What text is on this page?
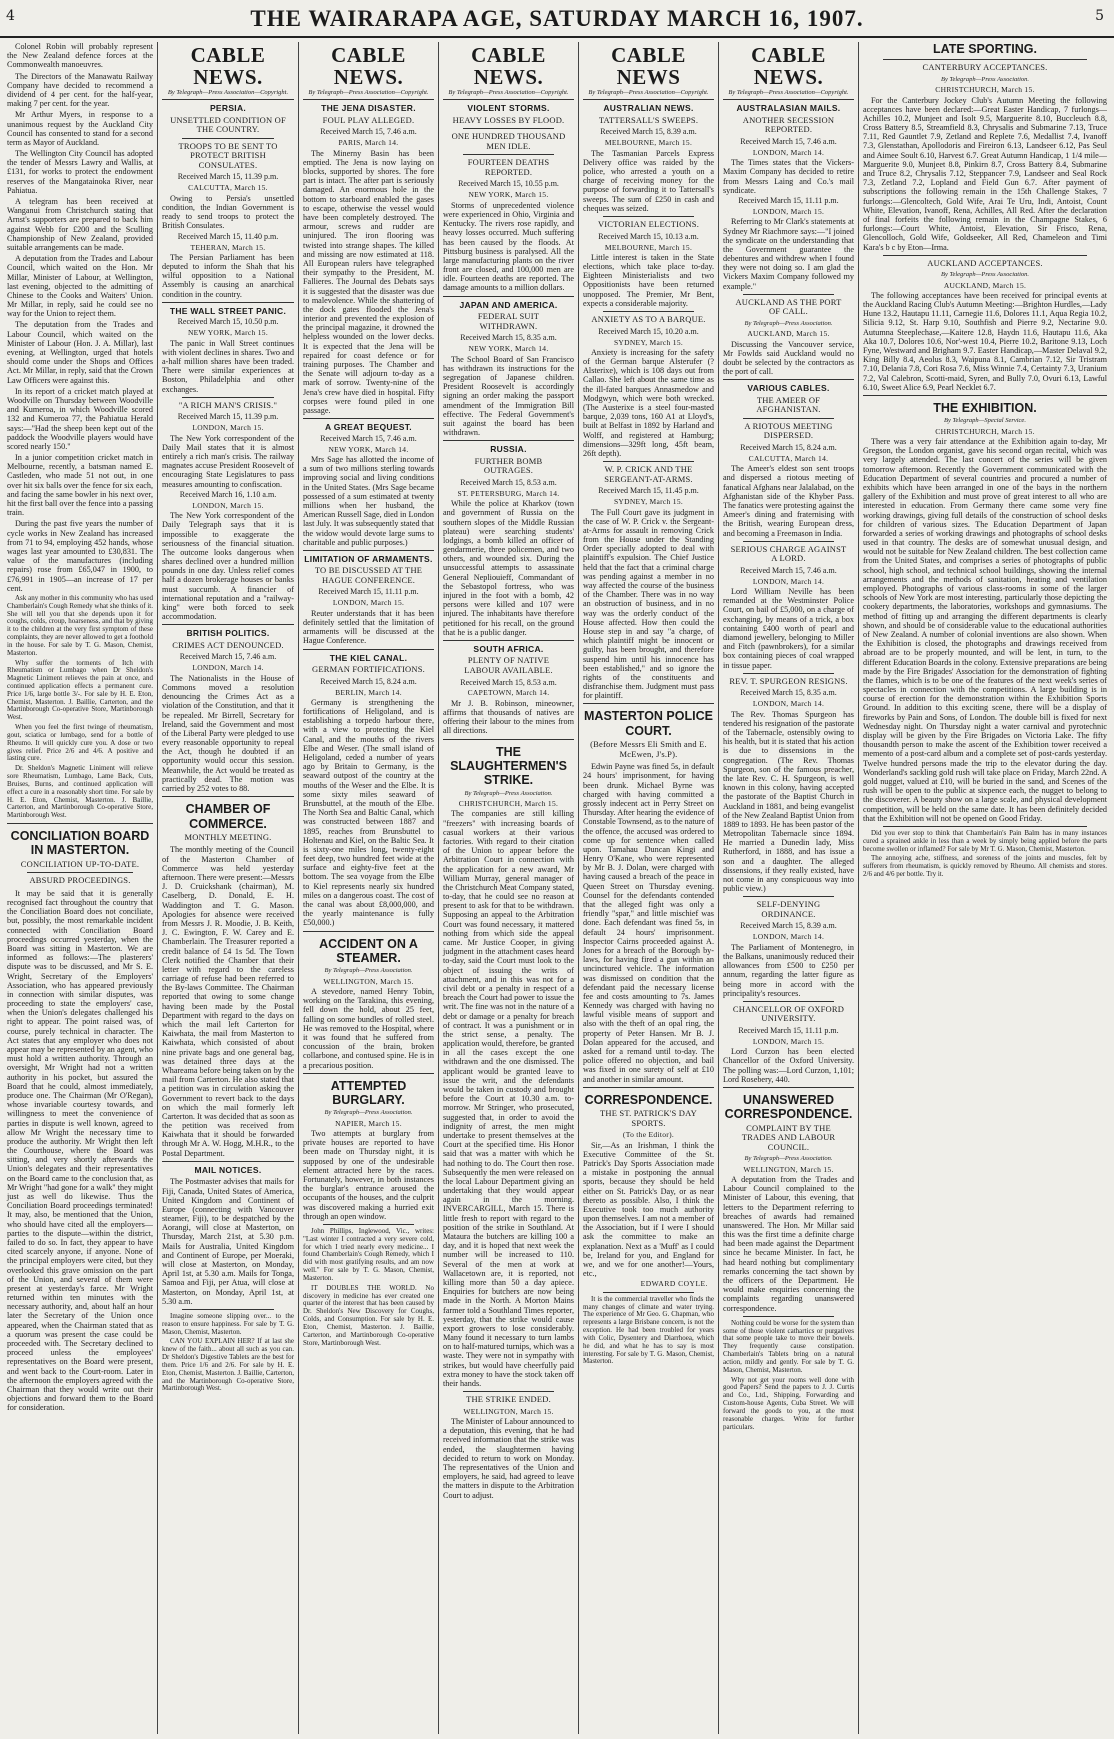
4	THE WAIRARAPA AGE, SATURDAY MARCH 16, 1907.	5

Colonel Robin will probably represent the New Zealand defence forces at the Commonwealth manoeuvres.

The Directors of the Manawatu Railway Company have decided to recommend a dividend of 4 per cent. for the half-year, making 7 per cent. for the year.

Mr Arthur Myers, in response to a unanimous request by the Auckland City Council has consented to stand for a second term as Mayor of Auckland.

The Wellington City Council has adopted the tender of Messrs Lawry and Wallis, at £131, for works to protect the endowment reserves of the Mangatainoka River, near Pahiatua.

A telegram has been received at Wanganui from Christchurch stating that Arnst's supporters are prepared to back him against Webb for £200 and the Sculling Championship of New Zealand, provided suitable arrangements can be made.

A deputation from the Trades and Labour Council, which waited on the Hon. Mr Millar, Minister of Labour, at Wellington, last evening, objected to the admitting of Chinese to the Cooks and Waiters' Union. Mr Millar, in reply, said he could see no way for the Union to reject them.

The deputation from the Trades and Labour Council, which waited on the Minister of Labour (Hon. J. A. Millar), last evening, at Wellington, urged that hotels should come under the Shops and Offices Act. Mr Millar, in reply, said that the Crown Law Officers were against this.

In its report of a cricket match played at Woodville on Thursday between Woodville and Kumeroa, in which Woodville scored 132 and Kumeroa 77, the Pahiatua Herald says:—"Had the sheep been kept out of the paddock the Woodville players would have scored nearly 150."

In a junior competition cricket match in Melbourne, recently, a batsman named E. Castleden, who made 51 not out, in one over hit six balls over the fence for six each, and facing the same bowler in his next over, hit the first ball over the fence into a passing train.

During the past five years the number of cycle works in New Zealand has increased from 71 to 94, employing 452 hands, whose wages last year amounted to £30,831. The value of the manufactures (including repairs) rose from £65,047 in 1900, to £76,991 in 1905—an increase of 17 per cent.

Ask any mother in this community who has used Chamberlain's Cough Remedy what she thinks of it. She will tell you that she depends upon it for coughs, colds, croup, hoarseness, and that by giving it to the children at the very first symptom of these complaints, they are never allowed to get a foothold in the house. For sale by T. G. Mason, Chemist, Masterton.

Why suffer the torments of Itch with Rheumatism or Lumbago when Dr Sheldon's Magnetic Liniment relieves the pain at once, and continued application effects a permanent cure. Price 1/6, large bottle 3/-. For sale by H. E. Eton, Chemist, Masterton. J. Baillie, Carterton, and the Martinborough Co-operative Store, Martinborough West.

When you feel the first twinge of rheumatism, gout, sciatica or lumbago, send for a bottle of Rheumo. It will quickly cure you. A dose or two gives relief. Price 2/6 and 4/6. A positive and lasting cure.

Dr. Sheldon's Magnetic Liniment will relieve sore Rheumatism, Lumbago, Lame Back, Cuts, Bruises, Burns, and continued application will effect a cure in a reasonably short time. For sale by H. E. Eton, Chemist, Masterton. J. Baillie, Carterton, and Martinborough Co-operative Store, Martinborough West.

CONCILIATION BOARD IN MASTERTON.
CONCILIATION UP-TO-DATE.
ABSURD PROCEEDINGS.

It may be said that it is generally recognised fact throughout the country that the Conciliation Board does not conciliate, but, possibly, the most remarkable incident connected with Conciliation Board proceedings occurred yesterday, when the Board was sitting in Masterton. We are informed as follows:—The plasterers' dispute was to be discussed, and Mr S. E. Wright, Secretary of the Employers' Association, who has appeared previously in connection with similar disputes, was proceeding to state the employers' case, when the Union's delegates challenged his right to appear. The point raised was, of course, purely technical in character. The Act states that any employer who does not appear may be represented by an agent, who must hold a written authority. Through an oversight, Mr Wright had not a written authority in his pocket, but assured the Board that he could, almost immediately, produce one. The Chairman (Mr O'Regan), whose invariable courtesy towards, and willingness to meet the convenience of parties in dispute is well known, agreed to allow Mr Wright the necessary time to produce the authority. Mr Wright then left the Courthouse, where the Board was sitting, and very shortly afterwards the Union's delegates and their representatives on the Board came to the conclusion that, as Mr Wright "had gone for a walk" they might just as well do likewise. Thus the Conciliation Board proceedings terminated! It may, also, be mentioned that the Union, who should have cited all the employers—parties to the dispute—within the district, failed to do so. In fact, they appear to have cited scarcely anyone, if anyone. None of the principal employers were cited, but they overlooked this grave omission on the part of the Union, and several of them were present at yesterday's farce. Mr Wright returned within ten minutes with the necessary authority, and, about half an hour later the Secretary of the Union once appeared, when the Chairman stated that as a quorum was present the case could be proceeded with. The Secretary declined to proceed unless the employees' representatives on the Board were present, and went back to the Court-room. Later in the afternoon the employers agreed with the Chairman that they would write out their objections and forward them to the Board for consideration.

CABLE NEWS.
By Telegraph—Press Association—Copyright.
PERSIA.
UNSETTLED CONDITION OF THE COUNTRY.
TROOPS TO BE SENT TO PROTECT BRITISH CONSULATES.
Received March 15, 11.39 p.m.
CALCUTTA, March 15.

Owing to Persia's unsettled condition, the Indian Government is ready to send troops to protect the British Consulates.

Received March 15, 11.40 p.m.
TEHERAN, March 15.

The Persian Parliament has been deputed to inform the Shah that his wilful opposition to a National Assembly is causing an anarchical condition in the country.

THE WALL STREET PANIC.
Received March 15, 10.50 p.m.
NEW YORK, March 15.

The panic in Wall Street continues with violent declines in shares. Two and a-half million shares have been traded. There were similar experiences at Boston, Philadelphia and other exchanges.

"A RICH MAN'S CRISIS."
Received March 15, 11.39 p.m.
LONDON, March 15.

The New York correspondent of the Daily Mail states that it is almost entirely a rich man's crisis. The railway magnates accuse President Roosevelt of encouraging State Legislatures to pass measures amounting to confiscation.

Received March 16, 1.10 a.m.
LONDON, March 15.

The New York correspondent of the Daily Telegraph says that it is impossible to exaggerate the seriousness of the financial situation. The outcome looks dangerous when shares declined over a hundred million pounds in one day. Unless relief comes half a dozen brokerage houses or banks must succumb. A financier of international reputation and a "railway-king" were both forced to seek accommodation.

BRITISH POLITICS.
CRIMES ACT DENOUNCED.
Received March 15, 7.46 a.m.
LONDON, March 14.

The Nationalists in the House of Commons moved a resolution denouncing the Crimes Act as a violation of the Constitution, and that it be repealed. Mr Birrell, Secretary for Ireland, said the Government and most of the Liberal Party were pledged to use every reasonable opportunity to repeal the Act, though he doubted if an opportunity would occur this session. Meanwhile, the Act would be treated as practically dead. The motion was carried by 252 votes to 88.

CHAMBER OF COMMERCE.
MONTHLY MEETING.

The monthly meeting of the Council of the Masterton Chamber of Commerce was held yesterday afternoon. There were present:—Messrs J. D. Cruickshank (chairman), M. Caselberg, D. Donald, E. H. Waddington and T. G. Mason. Apologies for absence were received from Messrs J. R. Moodie, J. B. Keith, J. C. Ewington, F. W. Carey and E. Chamberlain. The Treasurer reported a credit balance of £4 1s 5d. The Town Clerk notified the Chamber that their letter with regard to the careless carriage of refuse had been referred to the By-laws Committee. The Chairman reported that owing to some change having been made by the Postal Department with regard to the days on which the mail left Carterton for Kaiwhata, the mail from Masterton to Kaiwhata, which consisted of about nine private bags and one general bag, was detained three days at the Whareama before being taken on by the mail from Carterton. He also stated that a petition was in circulation asking the Government to revert back to the days on which the mail formerly left Carterton. It was decided that as soon as the petition was received from Kaiwhata that it should be forwarded through Mr A. W. Hogg, M.H.R., to the Postal Department.

MAIL NOTICES.

The Postmaster advises that mails for Fiji, Canada, United States of America, United Kingdom and Continent of Europe (connecting with Vancouver steamer, Fiji), to be despatched by the Aorangi, will close at Masterton, on Thursday, March 21st, at 5.30 p.m. Mails for Australia, United Kingdom and Continent of Europe, per Moeraki, will close at Masterton, on Monday, April 1st, at 5.30 a.m. Mails for Tonga, Samoa and Fiji, per Atua, will close at Masterton, on Monday, April 1st, at 5.30 a.m.

Imagine someone slipping over... to the reason to ensure happiness. For sale by T. G. Mason, Chemist, Masterton.

CAN YOU EXPLAIN HER? If at last she knew of the faith... about all such as you can. Dr Sheldon's Digestive Tablets are the best for them. Price 1/6 and 2/6. For sale by H. E. Eton, Chemist, Masterton. J. Baillie, Carterton, and the Martinborough Co-operative Store, Martinborough West.

CABLE NEWS.
By Telegraph—Press Association—Copyright.
THE JENA DISASTER.
FOUL PLAY ALLEGED.
Received March 15, 7.46 a.m.
PARIS, March 14.

The Minerny Basin has been emptied. The Jena is now laying on blocks, supported by shores. The fore part is intact. The after part is seriously damaged. An enormous hole in the bottom to starboard enabled the gases to escape, otherwise the vessel would have been completely destroyed. The armour, screws and rudder are uninjured. The iron flooring was twisted into strange shapes. The killed and missing are now estimated at 118. All European rulers have telegraphed their sympathy to the President, M. Fallieres. The Journal des Debats says it is suggested that the disaster was due to malevolence. While the shattering of the dock gates flooded the Jena's interior and prevented the explosion of the principal magazine, it drowned the helpless wounded on the lower decks. It is expected that the Jena will be repaired for coast defence or for training purposes. The Chamber and the Senate will adjourn to-day as a mark of sorrow. Twenty-nine of the Jena's crew have died in hospital. Fifty corpses were found piled in one passage.

A GREAT BEQUEST.
Received March 15, 7.46 a.m.
NEW YORK, March 14.

Mrs Sage has allotted the income of a sum of two millions sterling towards improving social and living conditions in the United States. (Mrs Sage became possessed of a sum estimated at twenty millions when her husband, the American Russell Sage, died in London last July. It was subsequently stated that the widow would devote large sums to charitable and public purposes.)

LIMITATION OF ARMAMENTS.
TO BE DISCUSSED AT THE HAGUE CONFERENCE.
Received March 15, 11.11 p.m.
LONDON, March 15.

Reuter understands that it has been definitely settled that the limitation of armaments will be discussed at the Hague Conference.

THE KIEL CANAL.
GERMAN FORTIFICATIONS.
Received March 15, 8.24 a.m.
BERLIN, March 14.

Germany is strengthening the fortifications of Heligoland, and is establishing a torpedo harbour there, with a view to protecting the Kiel Canal, and the mouths of the rivers Elbe and Weser. (The small island of Heligoland, ceded a number of years ago by Britain to Germany, is the seaward outpost of the country at the mouths of the Weser and the Elbe. It is some sixty miles seaward of Brunsbuttel, at the mouth of the Elbe. The North Sea and Baltic Canal, which was constructed between 1887 and 1895, reaches from Brunsbuttel to Holtenau and Kiel, on the Baltic Sea. It is sixty-one miles long, twenty-eight feet deep, two hundred feet wide at the surface and eighty-five feet at the bottom. The sea voyage from the Elbe to Kiel represents nearly six hundred miles on a dangerous coast. The cost of the canal was about £8,000,000, and the yearly maintenance is fully £50,000.)

ACCIDENT ON A STEAMER.
By Telegraph—Press Association.
WELLINGTON, March 15.

A stevedore, named Henry Tobin, working on the Tarakina, this evening, fell down the hold, about 25 feet, falling on some bundles of rolled steel. He was removed to the Hospital, where it was found that he suffered from concussion of the brain, broken collarbone, and contused spine. He is in a precarious position.

ATTEMPTED BURGLARY.
By Telegraph—Press Association.
NAPIER, March 15.

Two attempts at burglary from private houses are reported to have been made on Thursday night, it is supposed by one of the undesirable element attracted here by the races. Fortunately, however, in both instances the burglar's entrance aroused the occupants of the houses, and the culprit was discovered making a hurried exit through an open window.

John Phillips, Inglewood, Vic., writes: "Last winter I contracted a very severe cold, for which I tried nearly every medicine... I found Chamberlain's Cough Remedy, which I did with most gratifying results, and am now well." For sale by T. G. Mason, Chemist, Masterton.

IT DOUBLES THE WORLD. No discovery in medicine has ever created one quarter of the interest that has been caused by Dr. Sheldon's New Discovery for Coughs, Colds, and Consumption. For sale by H. E. Eton, Chemist, Masterton. J. Baillie, Carterton, and Martinborough Co-operative Store, Martinborough West.

CABLE NEWS.
By Telegraph—Press Association—Copyright.
VIOLENT STORMS.
HEAVY LOSSES BY FLOOD.
ONE HUNDRED THOUSAND MEN IDLE.
FOURTEEN DEATHS REPORTED.
Received March 15, 10.55 p.m.
NEW YORK, March 15.

Storms of unprecedented violence were experienced in Ohio, Virginia and Kentucky. The rivers rose rapidly, and heavy losses occurred. Much suffering has been caused by the floods. At Pittsburg business is paralysed. All the large manufacturing plants on the river front are closed, and 100,000 men are idle. Fourteen deaths are reported. The damage amounts to a million dollars.

JAPAN AND AMERICA.
FEDERAL SUIT WITHDRAWN.
Received March 15, 8.35 a.m.
NEW YORK, March 14.

The School Board of San Francisco has withdrawn its instructions for the segregation of Japanese children. President Roosevelt is accordingly signing an order making the passport amendment of the Immigration Bill effective. The Federal Government's suit against the board has been withdrawn.

RUSSIA.
FURTHER BOMB OUTRAGES.
Received March 15, 8.53 a.m.
ST. PETERSBURG, March 14.

While the police at Kharkov (town and government of Russia on the southern slopes of the Middle Russian plateau) were searching students' lodgings, a bomb killed an officer of gendarmerie, three policemen, and two others, and wounded six. During the unsuccessful attempts to assassinate General Nepliouieff, Commandant of the Sebastopol fortress, who was injured in the foot with a bomb, 42 persons were killed and 107 were injured. The inhabitants have therefore petitioned for his recall, on the ground that he is a public danger.

SOUTH AFRICA.
PLENTY OF NATIVE LABOUR AVAILABLE.
Received March 15, 8.53 a.m.
CAPETOWN, March 14.

Mr J. B. Robinson, mineowner, affirms that thousands of natives are offering their labour to the mines from all directions.

THE SLAUGHTERMEN'S STRIKE.
By Telegraph—Press Association.
CHRISTCHURCH, March 15.

The companies are still killing "freezers" with increasing boards of casual workers at their various factories. With regard to their citation of the Union to appear before the Arbitration Court in connection with the application for a new award, Mr William Murray, general manager of the Christchurch Meat Company stated, to-day, that he could see no reason at present to ask for that to be withdrawn. Supposing an appeal to the Arbitration Court was found necessary, it mattered nothing from which side the appeal came. Mr Justice Cooper, in giving judgment in the attachment cases heard to-day, said the Court must look to the object of issuing the writs of attachment, and in this was not for a civil debt or a penalty in respect of a breach the Court had power to issue the writ. The fine was not in the nature of a debt or damage or a penalty for breach of contract. It was a punishment or in the strict sense, a penalty. The application would, therefore, be granted in all the cases except the one withdrawn and the one dismissed. The applicant would be granted leave to issue the writ, and the defendants would be taken in custody and brought before the Court at 10.30 a.m. to-morrow. Mr Stringer, who prosecuted, suggested that, in order to avoid the indignity of arrest, the men might undertake to present themselves at the Court at the specified time. His Honor said that was a matter with which he had nothing to do. The Court then rose. Subsequently the men were released on the local Labour Department giving an undertaking that they would appear again in the morning. INVERCARGILL, March 15. There is little fresh to report with regard to the position of the strike in Southland. At Mataura the butchers are killing 100 a day, and it is hoped that next week the number will be increased to 110. Several of the men at work at Wallacetown are, it is reported, not killing more than 50 a day apiece. Enquiries for butchers are now being made in the North. A Morton Mains farmer told a Southland Times reporter, yesterday, that the strike would cause export growers to lose considerably. Many found it necessary to turn lambs on to half-matured turnips, which was a waste. They were not in sympathy with strikes, but would have cheerfully paid extra money to have the stock taken off their hands.

THE STRIKE ENDED.
WELLINGTON, March 15.

The Minister of Labour announced to a deputation, this evening, that he had received information that the strike was ended, the slaughtermen having decided to return to work on Monday. The representatives of the Union and employers, he said, had agreed to leave the matters in dispute to the Arbitration Court to adjust.

CABLE NEWS
By Telegraph—Press Association—Copyright.
AUSTRALIAN NEWS.
TATTERSALL'S SWEEPS.
Received March 15, 8.39 a.m.
MELBOURNE, March 15.

The Tasmanian Parcels Express Delivery office was raided by the police, who arrested a youth on a charge of receiving money for the purpose of forwarding it to Tattersall's sweeps. The sum of £250 in cash and cheques was seized.

VICTORIAN ELECTIONS.
Received March 15, 10.13 a.m.
MELBOURNE, March 15.

Little interest is taken in the State elections, which take place to-day. Eighteen Ministerialists and two Oppositionists have been returned unopposed. The Premier, Mr Bent, expects a considerable majority.

ANXIETY AS TO A BARQUE.
Received March 15, 10.20 a.m.
SYDNEY, March 15.

Anxiety is increasing for the safety of the German barque Alsterufer (? Alsterixe), which is 108 days out from Callao. She left about the same time as the ill-fated barques Annasmedow and Modgwyn, which were both wrecked. (The Austerixe is a steel four-masted barque, 2,039 tons, 160 A1 at Lloyd's, built at Belfast in 1892 by Harland and Wolff, and registered at Hamburg; dimensions—329ft long, 45ft beam, 26ft depth).

W. P. CRICK AND THE SERGEANT-AT-ARMS.
Received March 15, 11.45 p.m.
SYDNEY, March 15.

The Full Court gave its judgment in the case of W. P. Crick v. the Sergeant-at-Arms for assault in removing Crick from the House under the Standing Order specially adopted to deal with plaintiff's expulsion. The Chief Justice held that the fact that a criminal charge was pending against a member in no way affected the course of the business of the Chamber. There was in no way an obstruction of business, and in no way was the orderly conduct of the House affected. How then could the House step in and say "a charge, of which plaintiff might be innocent or guilty, has been brought, and therefore suspend him until his innocence has been established," and so ignore the rights of the constituents and disfranchise them. Judgment must pass for plaintiff.

MASTERTON POLICE COURT.
(Before Messrs Eli Smith and E. McEwen, J's.P).

Edwin Payne was fined 5s, in default 24 hours' imprisonment, for having been drunk. Michael Byrne was charged with having committed a grossly indecent act in Perry Street on Thursday. After hearing the evidence of Constable Townsend, as to the nature of the offence, the accused was ordered to come up for sentence when called upon. Tamahau Duncan Kingi and Henry O'Kane, who were represented by Mr B. J. Dolan, were charged with having caused a breach of the peace in Queen Street on Thursday evening. Counsel for the defendants contended that the alleged fight was only a friendly "spar," and little mischief was done. Each defendant was fined 5s, in default 24 hours' imprisonment. Inspector Cairns proceeded against A. Jones for a breach of the Borough by-laws, for having fired a gun within an uncinctured vehicle. The information was dismissed on condition that the defendant paid the necessary license fee and costs amounting to 7s. James Kennedy was charged with having no lawful visible means of support and also with the theft of an opal ring, the property of Peter Hansen. Mr B. J. Dolan appeared for the accused, and asked for a remand until to-day. The police offered no objection, and bail was fixed in one surety of self at £10 and another in similar amount.

CORRESPONDENCE.
THE ST. PATRICK'S DAY SPORTS.
(To the Editor).

Sir,—As an Irishman, I think the Executive Committee of the St. Patrick's Day Sports Association made a mistake in postponing the annual sports, because they should be held either on St. Patrick's Day, or as near thereto as possible. Also, I think the Executive took too much authority upon themselves. I am not a member of the Association, but if I were I should ask the committee to make an explanation. Next as a 'Muff' as I could be, Ireland for you, and England for we, and we for one another!—Yours, etc.,

EDWARD COYLE.

It is the commercial traveller who finds the many changes of climate and water trying. The experience of Mr Geo. G. Chapman, who represents a large Brisbane concern, is not the exception. He had been troubled for years with Colic, Dysentery and Diarrhoea, which he did, and what he has to say is most interesting. For sale by T. G. Mason, Chemist, Masterton.

CABLE NEWS.
By Telegraph—Press Association—Copyright.
AUSTRALASIAN MAILS.
ANOTHER SECESSION REPORTED.
Received March 15, 7.46 a.m.
LONDON, March 14.

The Times states that the Vickers-Maxim Company has decided to retire from Messrs Laing and Co.'s mail syndicate.

Received March 15, 11.11 p.m.
LONDON, March 15.

Referring to Mr Clark's statements at Sydney Mr Riachmore says:—"I joined the syndicate on the understanding that the Government guarantee the debentures and withdrew when I found they were not doing so. I am glad the Vickers Maxim Company followed my example."

AUCKLAND AS THE PORT OF CALL.
By Telegraph—Press Association.
AUCKLAND, March 15.

Discussing the Vancouver service, Mr Fowlds said Auckland would no doubt be selected by the contractors as the port of call.

VARIOUS CABLES.
THE AMEER OF AFGHANISTAN.
A RIOTOUS MEETING DISPERSED.
Received March 15, 8.24 a.m.
CALCUTTA, March 14.

The Ameer's eldest son sent troops and dispersed a riotous meeting of fanatical Afghans near Jalalabad, on the Afghanistan side of the Khyber Pass. The fanatics were protesting against the Ameer's dining and fraternising with the British, wearing European dress, and becoming a Freemason in India.

SERIOUS CHARGE AGAINST A LORD.
Received March 15, 7.46 a.m.
LONDON, March 14.

Lord William Neville has been remanded at the Westminster Police Court, on bail of £5,000, on a charge of exchanging, by means of a trick, a box containing £400 worth of pearl and diamond jewellery, belonging to Miller and Fitch (pawnbrokers), for a similar box containing pieces of coal wrapped in tissue paper.

REV. T. SPURGEON RESIGNS.
Received March 15, 8.35 a.m.
LONDON, March 14.

The Rev. Thomas Spurgeon has tendered his resignation of the pastorate of the Tabernacle, ostensibly owing to his health, but it is stated that his action is due to dissensions in the congregation. (The Rev. Thomas Spurgeon, son of the famous preacher, the late Rev. C. H. Spurgeon, is well known in this colony, having accepted the pastorate of the Baptist Church in Auckland in 1881, and being evangelist of the New Zealand Baptist Union from 1889 to 1893. He has been pastor of the Metropolitan Tabernacle since 1894. He married a Dunedin lady, Miss Rutherford, in 1888, and has issue a son and a daughter. The alleged dissensions, if they really existed, have not come in any conspicuous way into public view.)

SELF-DENYING ORDINANCE.
Received March 15, 8.39 a.m.
LONDON, March 14.

The Parliament of Montenegro, in the Balkans, unanimously reduced their allowances from £500 to £250 per annum, regarding the latter figure as being more in accord with the principality's resources.

CHANCELLOR OF OXFORD UNIVERSITY.
Received March 15, 11.11 p.m.
LONDON, March 15.

Lord Curzon has been elected Chancellor of the Oxford University. The polling was:—Lord Curzon, 1,101; Lord Rosebery, 440.

UNANSWERED CORRESPONDENCE.
COMPLAINT BY THE TRADES AND LABOUR COUNCIL.
By Telegraph—Press Association.
WELLINGTON, March 15.

A deputation from the Trades and Labour Council complained to the Minister of Labour, this evening, that letters to the Department referring to breaches of awards had remained unanswered. The Hon. Mr Millar said this was the first time a definite charge had been made against the Department since he became Minister. In fact, he had heard nothing but complimentary remarks concerning the tact shown by the officers of the Department. He would make enquiries concerning the complaints regarding unanswered correspondence.

Nothing could be worse for the system than some of those violent cathartics or purgatives that some people take to move their bowels. They frequently cause constipation. Chamberlain's Tablets bring on a natural action, mildly and gently. For sale by T. G. Mason, Chemist, Masterton.

Why not get your rooms well done with good Papers? Send the papers to J. J. Curtis and Co., Ltd., Shipping, Forwarding and Custom-house Agents, Cuba Street. We will forward the goods to you, at the most reasonable charges. Write for further particulars.

LATE SPORTING.
CANTERBURY ACCEPTANCES.
By Telegraph—Press Association.
CHRISTCHURCH, March 15.

For the Canterbury Jockey Club's Autumn Meeting the following acceptances have been declared:—Great Easter Handicap, 7 furlongs—Achilles 10.2, Munjeet and Isolt 9.5, Marguerite 8.10, Buccleuch 8.8, Cross Battery 8.5, Streamfield 8.3, Chrysalis and Submarine 7.13, Truce 7.11, Red Gauntlet 7.9, Zetland and Replete 7.6, Medallist 7.4, Ivanoff 7.3, Glenstathan, Apollodoris and Fireiron 6.13, Landseer 6.12, Pas Seul and Aimee Soult 6.10, Harvest 6.7. Great Autumn Handicap, 1 1/4 mile—Marguerite 9.0, Munjeet 8.8, Pinkirn 8.7, Cross Battery 8.4, Submarine and Truce 8.2, Chrysalis 7.12, Steppancer 7.9, Landseer and Seal Rock 7.3, Zetland 7.2, Lopland and Field Gun 6.7. After payment of subscriptions the following remain in the 15th Challenge Stakes, 7 furlongs:—Glencoltech, Gold Wife, Arai Te Uru, Indi, Antoist, Count White, Elevation, Ivanoff, Rena, Achilles, All Red. After the declaration of final forfeits the following remain in the Champagne Stakes, 6 furlongs:—Court White, Antoist, Elevation, Sir Frisco, Rena, Glencolloch, Gold Wife, Goldseeker, All Red, Chameleon and Timi Kara's b c by Eton—Irma.

AUCKLAND ACCEPTANCES.
By Telegraph—Press Association.
AUCKLAND, March 15.

The following acceptances have been received for principal events at the Auckland Racing Club's Autumn Meeting:—Brighton Hurdles,—Lady Hune 13.2, Hautapu 11.11, Carnegie 11.6, Dolores 11.1, Aqua Regia 10.2, Silicia 9.12, St. Harp 9.10, Southfish and Pierre 9.2, Nectarine 9.0. Autumna Steeplechase,—Kaitere 12.8, Haydn 11.6, Hautapu 11.6, Aka Aka 10.7, Dolores 10.6, Nor'-west 10.4, Pierre 10.2, Baritone 9.13, Loch Fyne, Westward and Brigham 9.7. Easter Handicap,—Master Delaval 9.2, King Billy 8.4, Aeolus 8.3, Waipuna 8.1, Cambrian 7.12, Sir Tristram 7.10, Delania 7.8, Cori Rosa 7.6, Miss Winnie 7.4, Certainty 7.3, Uranium 7.2, Val Calebron, Scotti-maid, Syren, and Bully 7.0, Ovuri 6.13, Lawful 6.10, Sweet Alice 6.9, Pearl Necklet 6.7.

THE EXHIBITION.
By Telegraph—Special Service.
CHRISTCHURCH, March 15.

There was a very fair attendance at the Exhibition again to-day, Mr Gregson, the London organist, gave his second organ recital, which was very largely attended. The last concert of the series will be given tomorrow afternoon. Recently the Government communicated with the Education Department of several countries and procured a number of exhibits which have been arranged in one of the bays in the northern gallery of the Exhibition and must prove of great interest to all who are interested in education. From Germany there came some very fine working drawings, giving full details of the construction of school desks for children of various sizes. The Education Department of Japan forwarded a series of working drawings and photographs of school desks used in that country. The desks are of somewhat unusual design, and would not be suitable for New Zealand children. The best collection came from the United States, and comprises a series of photographs of public school, high school, and technical school buildings, showing the internal arrangements and the methods of sanitation, heating and ventilation employed. Photographs of various class-rooms in some of the larger schools of New York are most interesting, particularly those depicting the cookery departments, the laboratories, workshops and gymnasiums. The method of fitting up and arranging the different departments is clearly shown, and should be of considerable value to the educational authorities of New Zealand. A number of colonial inventions are also shown. When the Exhibition is closed, the photographs and drawings received from abroad are to be properly mounted, and will be lent, in turn, to the different Education Boards in the colony. Extensive preparations are being made by the Fire Brigades' Association for the demonstration of fighting the flames, which is to be one of the features of the next week's series of spectacles in connection with the competitions. A large building is in course of erection for the demonstration within the Exhibition Sports Ground. In addition to this exciting scene, there will be a display of fireworks by Pain and Sons, of London. The double bill is fixed for next Wednesday night. On Thursday night a water carnival and pyrotechnic display will be given by the Fire Brigades on Victoria Lake. The fifty thousandth person to make the ascent of the Exhibition tower received a memento of a post-card album and a complete set of post-cards yesterday. Twelve hundred persons made the trip to the elevator during the day. Wonderland's sackling gold rush will take place on Friday, March 22nd. A gold nugget, valued at £10, will be buried in the sand, and Scenes of the rush will be open to the public at sixpence each, the nugget to belong to the discoverer. A beauty show on a large scale, and physical development competition, will be held on the same date. It has been definitely decided that the Exhibition will not be opened on Good Friday.

Did you ever stop to think that Chamberlain's Pain Balm has in many instances cured a sprained ankle in less than a week by simply being applied before the parts become swollen or inflamed? For sale by Mr T. G. Mason, Chemist, Masterton.

The annoying ache, stiffness, and soreness of the joints and muscles, felt by sufferers from rheumatism, is quickly removed by Rheumo. All chemists and stores. 2/6 and 4/6 per bottle. Try it.
